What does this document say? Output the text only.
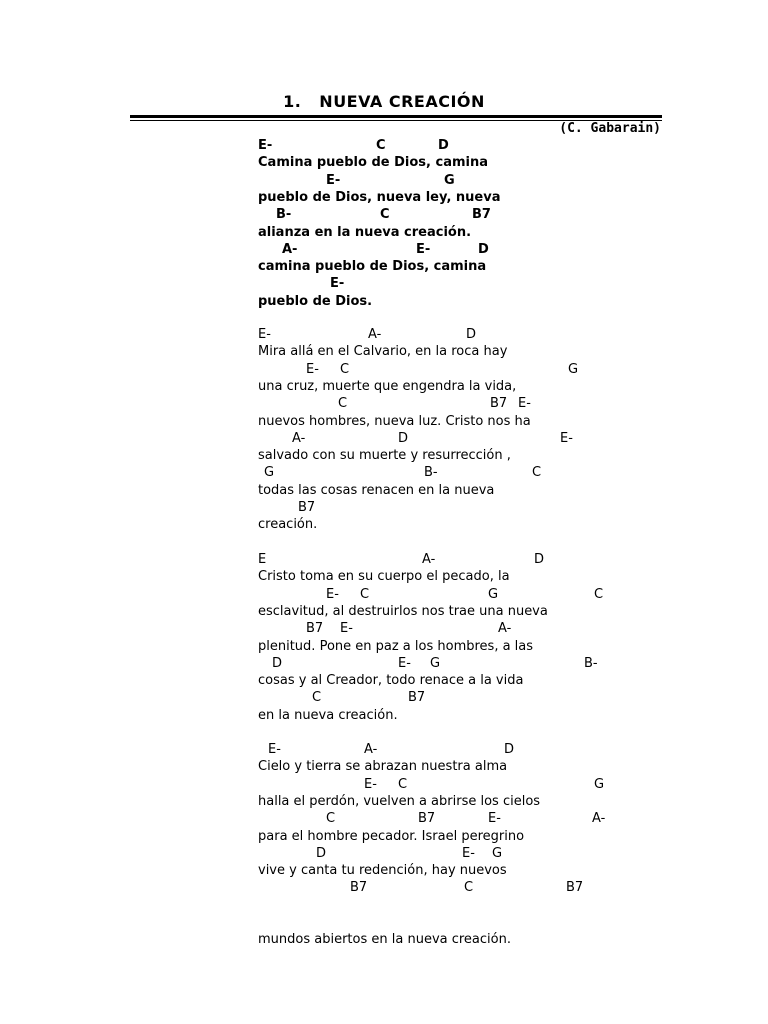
1. NUEVA CREACIÓN
(C. Gabarain)
E-	C	D
Camina pueblo de Dios, camina
E-	G
pueblo de Dios, nueva ley, nueva
B-	C	B7
alianza en la nueva creación.
A-	E-	D
camina pueblo de Dios, camina
E-
pueblo de Dios.
E-	A-	D
Mira allá en el Calvario, en la roca hay
E- C	G
una cruz, muerte que engendra la vida,
C	B7 E-
nuevos hombres, nueva luz. Cristo nos ha
A-	D	E-
salvado con su muerte y resurrección ,
G	B-	C
todas las cosas renacen en la nueva
B7
creación.
E	A-	D
Cristo toma en su cuerpo el pecado, la
E- C	G	C
esclavitud, al destruirlos nos trae una nueva
B7 E-	A-
plenitud. Pone en paz a los hombres, a las
D	E- G	B-
cosas y al Creador, todo renace a la vida
C	B7
en la nueva creación.
E-	A-	D
Cielo y tierra se abrazan nuestra alma
E- C	G
halla el perdón, vuelven a abrirse los cielos
C	B7	E-	A-
para el hombre pecador. Israel peregrino
D	E- G
vive y canta tu redención, hay nuevos
B7	C	B7
mundos abiertos en la nueva creación.
